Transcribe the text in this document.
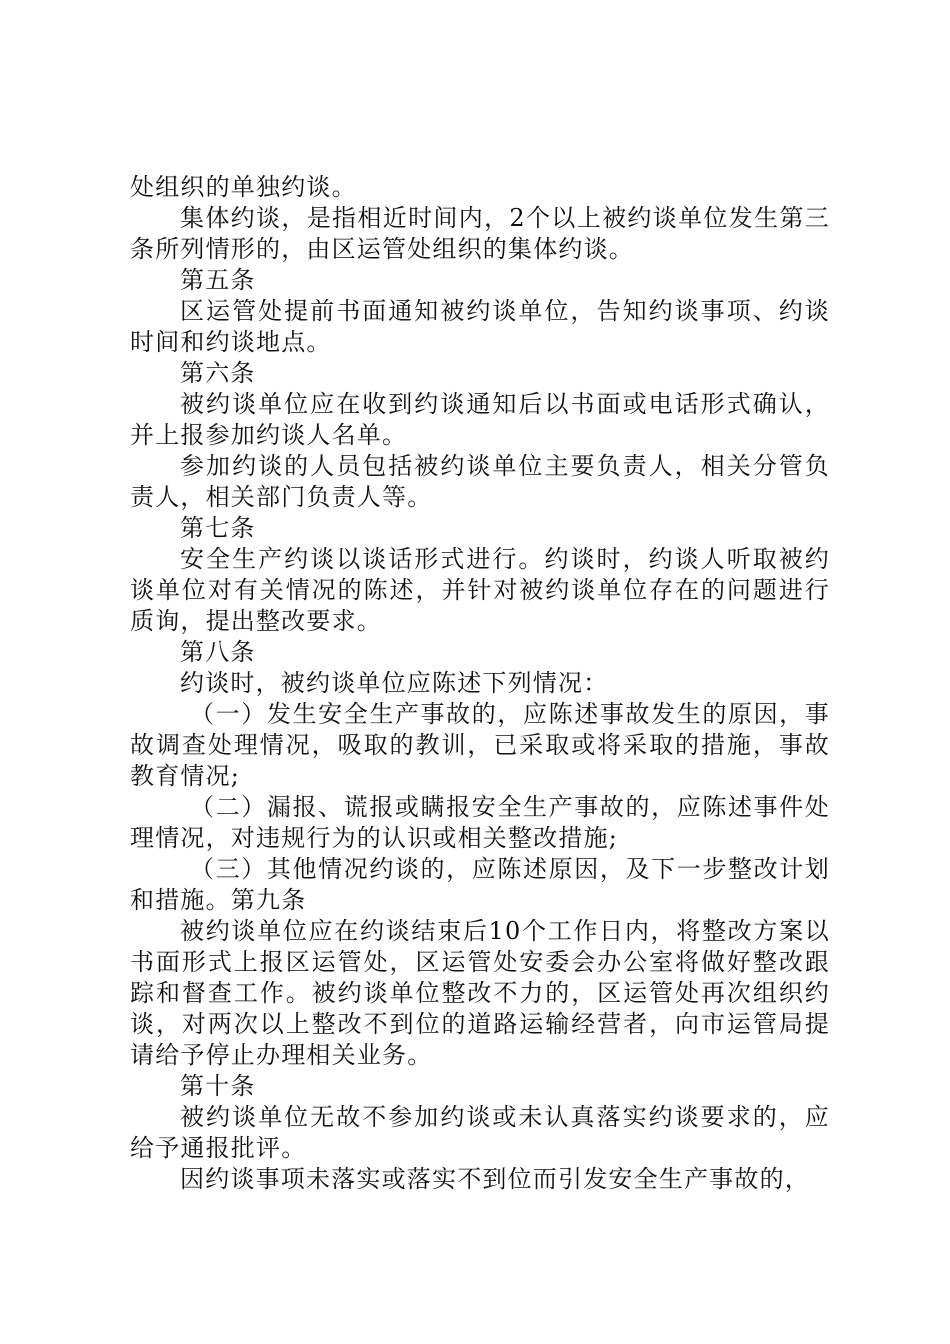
处组织的单独约谈。

集体约谈，是指相近时间内，2个以上被约谈单位发生第三条所列情形的，由区运管处组织的集体约谈。

第五条

区运管处提前书面通知被约谈单位，告知约谈事项、约谈时间和约谈地点。

第六条

被约谈单位应在收到约谈通知后以书面或电话形式确认，并上报参加约谈人名单。

参加约谈的人员包括被约谈单位主要负责人，相关分管负责人，相关部门负责人等。

第七条

安全生产约谈以谈话形式进行。约谈时，约谈人听取被约谈单位对有关情况的陈述，并针对被约谈单位存在的问题进行质询，提出整改要求。

第八条

约谈时，被约谈单位应陈述下列情况：

（一）发生安全生产事故的，应陈述事故发生的原因，事故调查处理情况，吸取的教训，已采取或将采取的措施，事故教育情况;

（二）漏报、谎报或瞒报安全生产事故的，应陈述事件处理情况，对违规行为的认识或相关整改措施;

（三）其他情况约谈的，应陈述原因，及下一步整改计划和措施。第九条

被约谈单位应在约谈结束后10个工作日内，将整改方案以书面形式上报区运管处，区运管处安委会办公室将做好整改跟踪和督查工作。被约谈单位整改不力的，区运管处再次组织约谈，对两次以上整改不到位的道路运输经营者，向市运管局提请给予停止办理相关业务。

第十条

被约谈单位无故不参加约谈或未认真落实约谈要求的，应给予通报批评。

因约谈事项未落实或落实不到位而引发安全生产事故的，
